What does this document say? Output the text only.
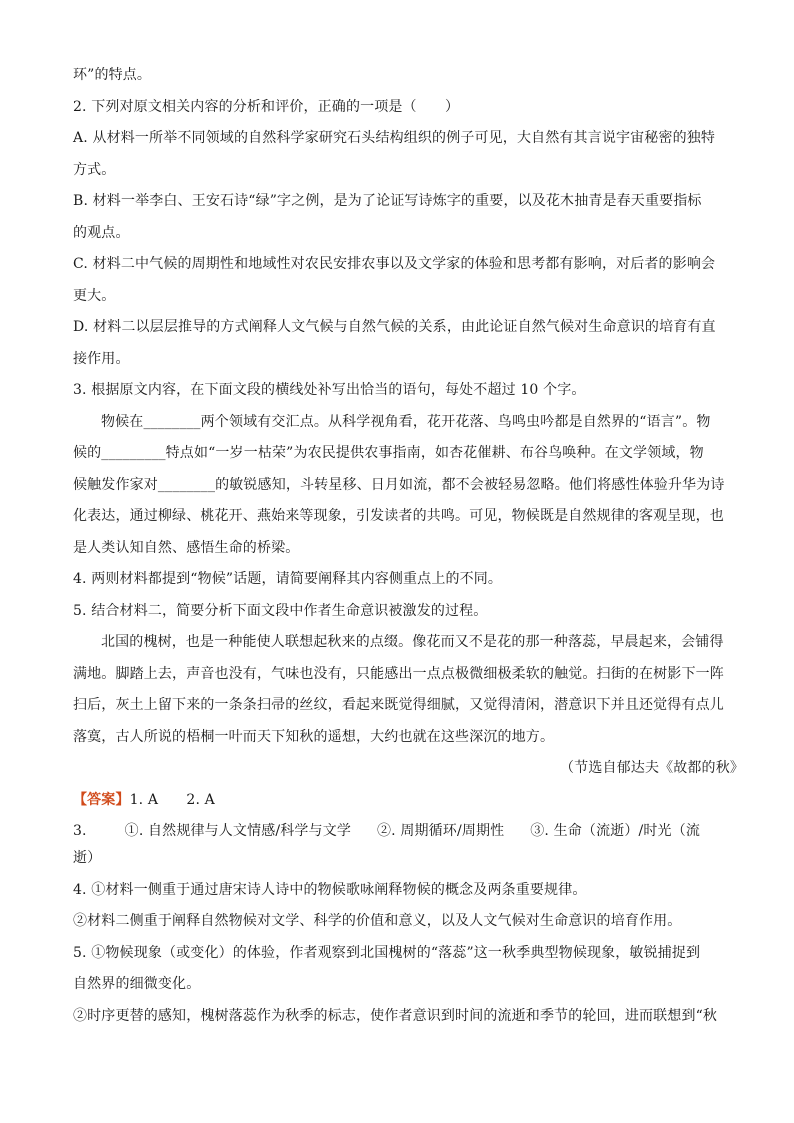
环”的特点。
2. 下列对原文相关内容的分析和评价，正确的一项是（　　）
A. 从材料一所举不同领域的自然科学家研究石头结构组织的例子可见，大自然有其言说宇宙秘密的独特
方式。
B. 材料一举李白、王安石诗“绿”字之例，是为了论证写诗炼字的重要，以及花木抽青是春天重要指标
的观点。
C. 材料二中气候的周期性和地域性对农民安排农事以及文学家的体验和思考都有影响，对后者的影响会
更大。
D. 材料二以层层推导的方式阐释人文气候与自然气候的关系，由此论证自然气候对生命意识的培育有直
接作用。
3. 根据原文内容，在下面文段的横线处补写出恰当的语句，每处不超过 10 个字。
物候在________两个领域有交汇点。从科学视角看，花开花落、鸟鸣虫吟都是自然界的“语言”。物
候的_________特点如“一岁一枯荣”为农民提供农事指南，如杏花催耕、布谷鸟唤种。在文学领域，物
候触发作家对________的敏锐感知，斗转星移、日月如流，都不会被轻易忽略。他们将感性体验升华为诗
化表达，通过柳绿、桃花开、燕始来等现象，引发读者的共鸣。可见，物候既是自然规律的客观呈现，也
是人类认知自然、感悟生命的桥梁。
4. 两则材料都提到“物候”话题，请简要阐释其内容侧重点上的不同。
5. 结合材料二，简要分析下面文段中作者生命意识被激发的过程。
北国的槐树，也是一种能使人联想起秋来的点缀。像花而又不是花的那一种落蕊，早晨起来，会铺得
满地。脚踏上去，声音也没有，气味也没有，只能感出一点点极微细极柔软的触觉。扫街的在树影下一阵
扫后，灰土上留下来的一条条扫帚的丝纹，看起来既觉得细腻，又觉得清闲，潜意识下并且还觉得有点儿
落寞，古人所说的梧桐一叶而天下知秋的遥想，大约也就在这些深沉的地方。
（节选自郁达夫《故都的秋》
【答案】1. A　　2. A
3.	①. 自然规律与人文情感/科学与文学 ②. 周期循环/周期性 ③. 生命（流逝）/时光（流
逝）
4. ①材料一侧重于通过唐宋诗人诗中的物候歌咏阐释物候的概念及两条重要规律。
②材料二侧重于阐释自然物候对文学、科学的价值和意义，以及人文气候对生命意识的培育作用。
5. ①物候现象（或变化）的体验，作者观察到北国槐树的“落蕊”这一秋季典型物候现象，敏锐捕捉到
自然界的细微变化。
②时序更替的感知，槐树落蕊作为秋季的标志，使作者意识到时间的流逝和季节的轮回，进而联想到“秋
